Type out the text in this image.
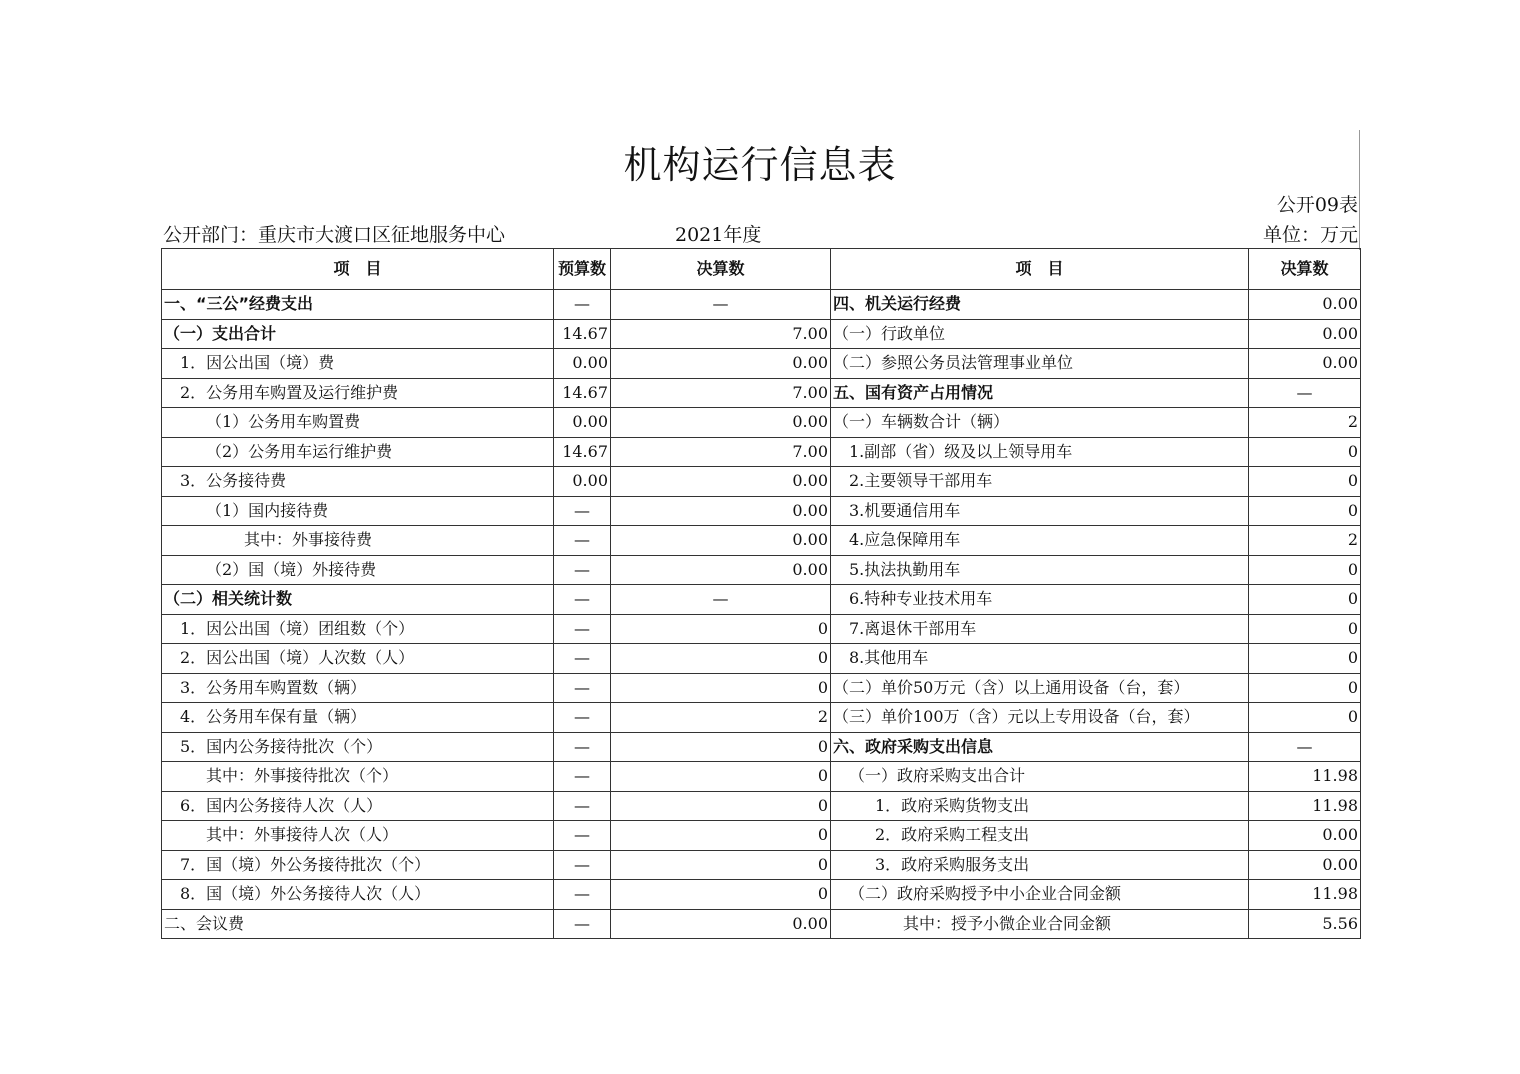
机构运行信息表
公开09表
公开部门：重庆市大渡口区征地服务中心	2021年度	单位：万元
项　目	预算数	决算数	项　目	决算数
一、“三公”经费支出	—	—	四、机关运行经费	0.00
（一）支出合计	14.67	7.00	（一）行政单位	0.00
1．因公出国（境）费	0.00	0.00	（二）参照公务员法管理事业单位	0.00
2．公务用车购置及运行维护费	14.67	7.00	五、国有资产占用情况	—
（1）公务用车购置费	0.00	0.00	（一）车辆数合计（辆）	2
（2）公务用车运行维护费	14.67	7.00	1.副部（省）级及以上领导用车	0
3．公务接待费	0.00	0.00	2.主要领导干部用车	0
（1）国内接待费	—	0.00	3.机要通信用车	0
其中：外事接待费	—	0.00	4.应急保障用车	2
（2）国（境）外接待费	—	0.00	5.执法执勤用车	0
（二）相关统计数	—	—	6.特种专业技术用车	0
1．因公出国（境）团组数（个）	—	0	7.离退休干部用车	0
2．因公出国（境）人次数（人）	—	0	8.其他用车	0
3．公务用车购置数（辆）	—	0	（二）单价50万元（含）以上通用设备（台，套）	0
4．公务用车保有量（辆）	—	2	（三）单价100万（含）元以上专用设备（台，套）	0
5．国内公务接待批次（个）	—	0	六、政府采购支出信息	—
其中：外事接待批次（个）	—	0	（一）政府采购支出合计	11.98
6．国内公务接待人次（人）	—	0	1．政府采购货物支出	11.98
其中：外事接待人次（人）	—	0	2．政府采购工程支出	0.00
7．国（境）外公务接待批次（个）	—	0	3．政府采购服务支出	0.00
8．国（境）外公务接待人次（人）	—	0	（二）政府采购授予中小企业合同金额	11.98
二、会议费	—	0.00	其中：授予小微企业合同金额	5.56
